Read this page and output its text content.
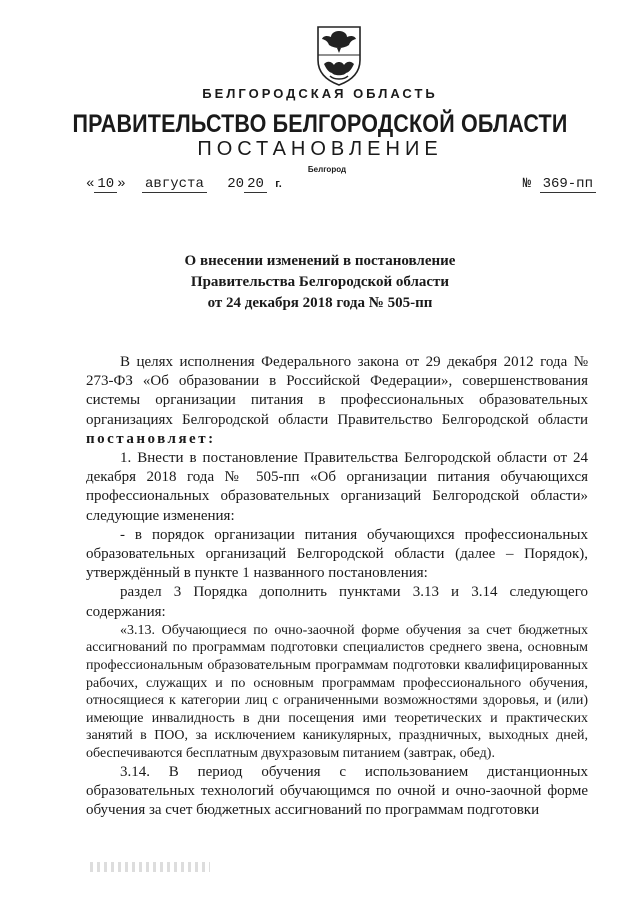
БЕЛГОРОДСКАЯ ОБЛАСТЬ
ПРАВИТЕЛЬСТВО БЕЛГОРОДСКОЙ ОБЛАСТИ
ПОСТАНОВЛЕНИЕ
Белгород
« 10 » августа 20 20 г.	№ 369-пп
О внесении изменений в постановление
Правительства Белгородской области
от 24 декабря 2018 года № 505-пп

В целях исполнения Федерального закона от 29 декабря 2012 года № 273-ФЗ «Об образовании в Российской Федерации», совершенствования системы организации питания в профессиональных образовательных организациях Белгородской области Правительство Белгородской области постановляет:

1. Внести в постановление Правительства Белгородской области от 24 декабря 2018 года № 505-пп «Об организации питания обучающихся профессиональных образовательных организаций Белгородской области» следующие изменения:

- в порядок организации питания обучающихся профессиональных образовательных организаций Белгородской области (далее – Порядок), утверждённый в пункте 1 названного постановления:

раздел 3 Порядка дополнить пунктами 3.13 и 3.14 следующего содержания:

«3.13. Обучающиеся по очно-заочной форме обучения за счет бюджетных ассигнований по программам подготовки специалистов среднего звена, основным профессиональным образовательным программам подготовки квалифицированных рабочих, служащих и по основным программам профессионального обучения, относящиеся к категории лиц с ограниченными возможностями здоровья, и (или) имеющие инвалидность в дни посещения ими теоретических и практических занятий в ПОО, за исключением каникулярных, праздничных, выходных дней, обеспечиваются бесплатным двухразовым питанием (завтрак, обед).

3.14. В период обучения с использованием дистанционных образовательных технологий обучающимся по очной и очно-заочной форме обучения за счет бюджетных ассигнований по программам подготовки
